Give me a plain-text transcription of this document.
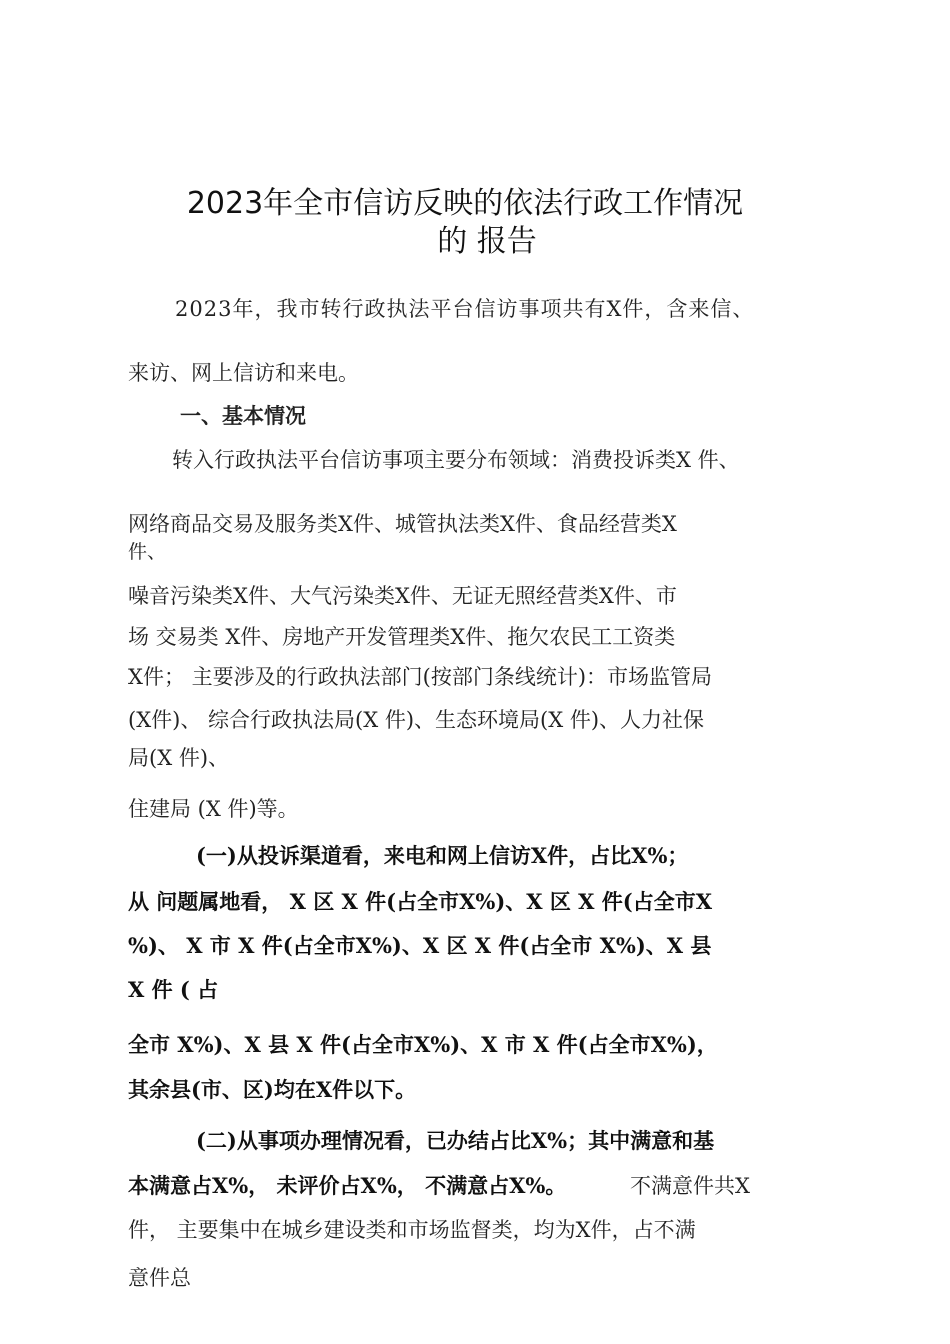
2023年全市信访反映的依法行政工作情况
的 报告
2023年，我市转行政执法平台信访事项共有X件，含来信、
来访、网上信访和来电。
一、基本情况
转入行政执法平台信访事项主要分布领域：消费投诉类X 件、
网络商品交易及服务类X件、城管执法类X件、食品经营类X
件、
噪音污染类X件、大气污染类X件、无证无照经营类X件、市
场 交易类 X件、房地产开发管理类X件、拖欠农民工工资类
X件； 主要涉及的行政执法部门(按部门条线统计)：市场监管局
(X件)、 综合行政执法局(X 件)、生态环境局(X 件)、人力社保
局(X 件)、
住建局 (X 件)等。
(一)从投诉渠道看，来电和网上信访X件，占比X%；
从 问题属地看， X 区 X 件(占全市X%)、X 区 X 件(占全市X
%)、 X 市 X 件(占全市X%)、X 区 X 件(占全市 X%)、X 县
X 件 ( 占
全市 X%)、X 县 X 件(占全市X%)、X 市 X 件(占全市X%)，
其余县(市、区)均在X件以下。
(二)从事项办理情况看，已办结占比X%；其中满意和基
本满意占X%， 未评价占X%， 不满意占X%。	不满意件共X
件， 主要集中在城乡建设类和市场监督类，均为X件，占不满
意件总
